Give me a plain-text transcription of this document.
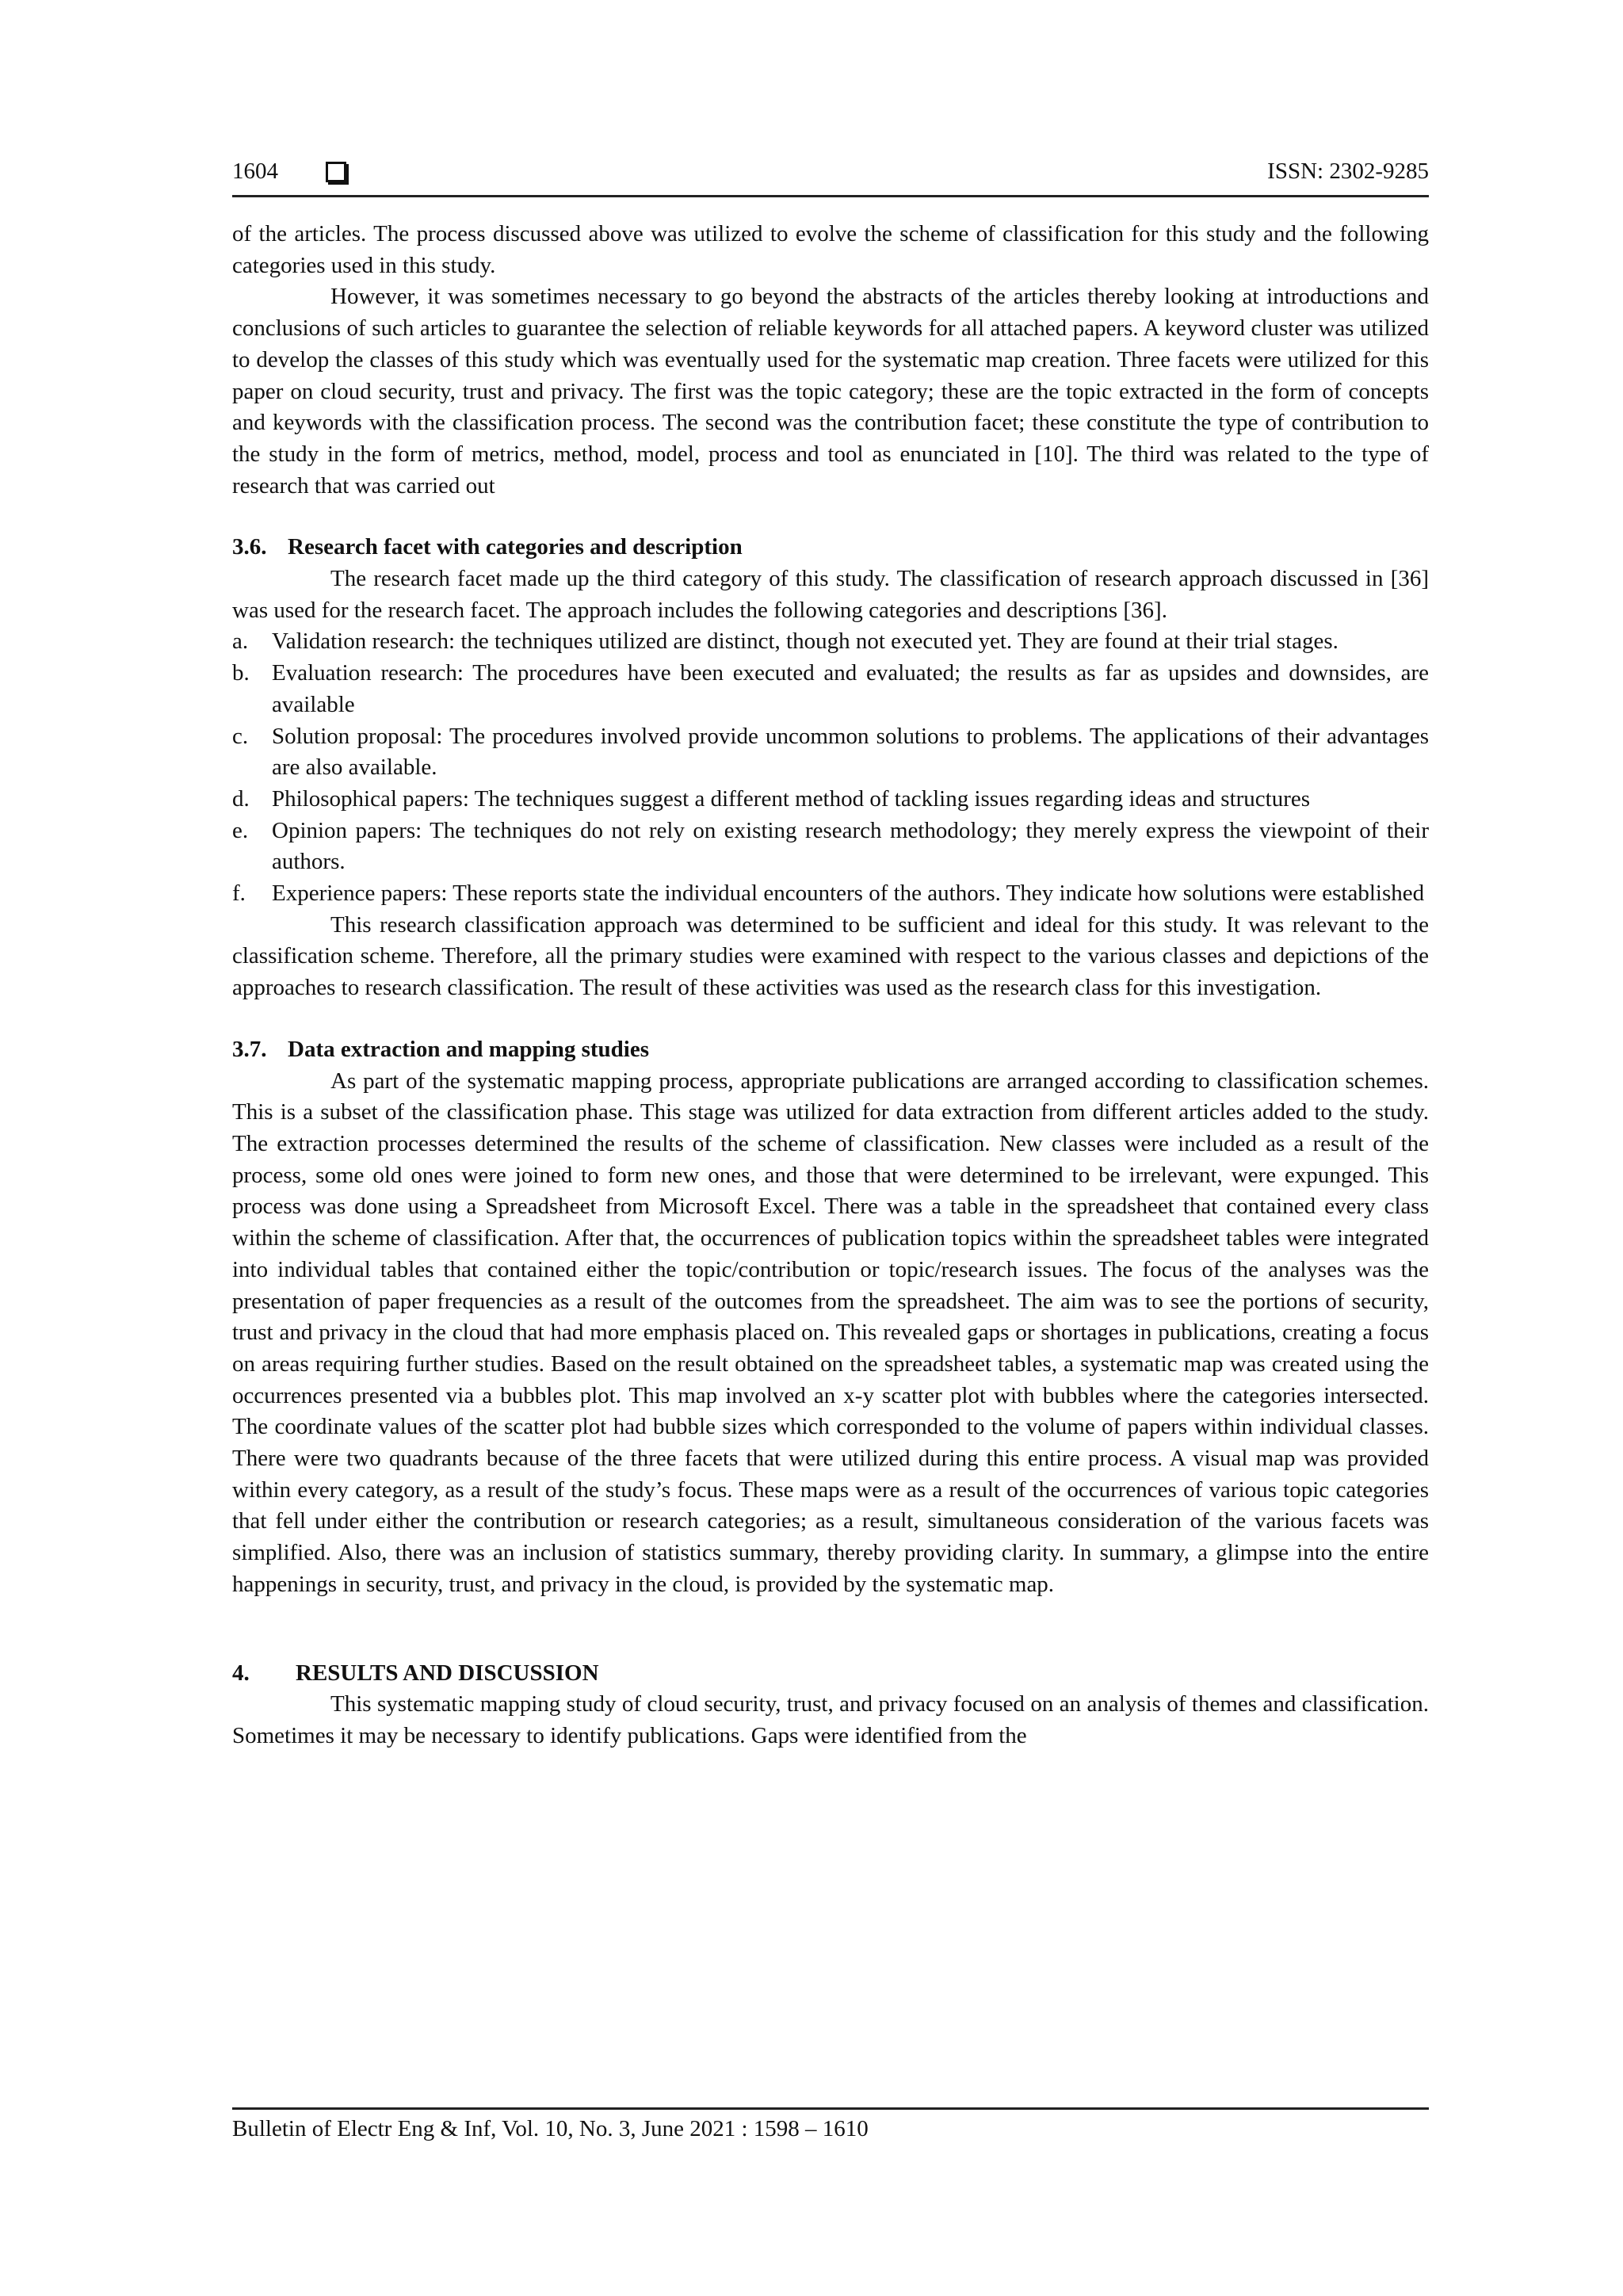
1604	ISSN: 2302-9285

of the articles. The process discussed above was utilized to evolve the scheme of classification for this study and the following categories used in this study.

However, it was sometimes necessary to go beyond the abstracts of the articles thereby looking at introductions and conclusions of such articles to guarantee the selection of reliable keywords for all attached papers. A keyword cluster was utilized to develop the classes of this study which was eventually used for the systematic map creation. Three facets were utilized for this paper on cloud security, trust and privacy. The first was the topic category; these are the topic extracted in the form of concepts and keywords with the classification process. The second was the contribution facet; these constitute the type of contribution to the study in the form of metrics, method, model, process and tool as enunciated in [10]. The third was related to the type of research that was carried out

3.6. Research facet with categories and description

The research facet made up the third category of this study. The classification of research approach discussed in [36] was used for the research facet. The approach includes the following categories and descriptions [36].

a. Validation research: the techniques utilized are distinct, though not executed yet. They are found at their trial stages.
b. Evaluation research: The procedures have been executed and evaluated; the results as far as upsides and downsides, are available
c. Solution proposal: The procedures involved provide uncommon solutions to problems. The applications of their advantages are also available.
d. Philosophical papers: The techniques suggest a different method of tackling issues regarding ideas and structures
e. Opinion papers: The techniques do not rely on existing research methodology; they merely express the viewpoint of their authors.
f. Experience papers: These reports state the individual encounters of the authors. They indicate how solutions were established

This research classification approach was determined to be sufficient and ideal for this study. It was relevant to the classification scheme. Therefore, all the primary studies were examined with respect to the various classes and depictions of the approaches to research classification. The result of these activities was used as the research class for this investigation.

3.7. Data extraction and mapping studies

As part of the systematic mapping process, appropriate publications are arranged according to classification schemes. This is a subset of the classification phase. This stage was utilized for data extraction from different articles added to the study. The extraction processes determined the results of the scheme of classification. New classes were included as a result of the process, some old ones were joined to form new ones, and those that were determined to be irrelevant, were expunged. This process was done using a Spreadsheet from Microsoft Excel. There was a table in the spreadsheet that contained every class within the scheme of classification. After that, the occurrences of publication topics within the spreadsheet tables were integrated into individual tables that contained either the topic/contribution or topic/research issues. The focus of the analyses was the presentation of paper frequencies as a result of the outcomes from the spreadsheet. The aim was to see the portions of security, trust and privacy in the cloud that had more emphasis placed on. This revealed gaps or shortages in publications, creating a focus on areas requiring further studies. Based on the result obtained on the spreadsheet tables, a systematic map was created using the occurrences presented via a bubbles plot. This map involved an x-y scatter plot with bubbles where the categories intersected. The coordinate values of the scatter plot had bubble sizes which corresponded to the volume of papers within individual classes. There were two quadrants because of the three facets that were utilized during this entire process. A visual map was provided within every category, as a result of the study’s focus. These maps were as a result of the occurrences of various topic categories that fell under either the contribution or research categories; as a result, simultaneous consideration of the various facets was simplified. Also, there was an inclusion of statistics summary, thereby providing clarity. In summary, a glimpse into the entire happenings in security, trust, and privacy in the cloud, is provided by the systematic map.

4. RESULTS AND DISCUSSION

This systematic mapping study of cloud security, trust, and privacy focused on an analysis of themes and classification. Sometimes it may be necessary to identify publications. Gaps were identified from the

Bulletin of Electr Eng & Inf, Vol. 10, No. 3, June 2021 : 1598 – 1610
